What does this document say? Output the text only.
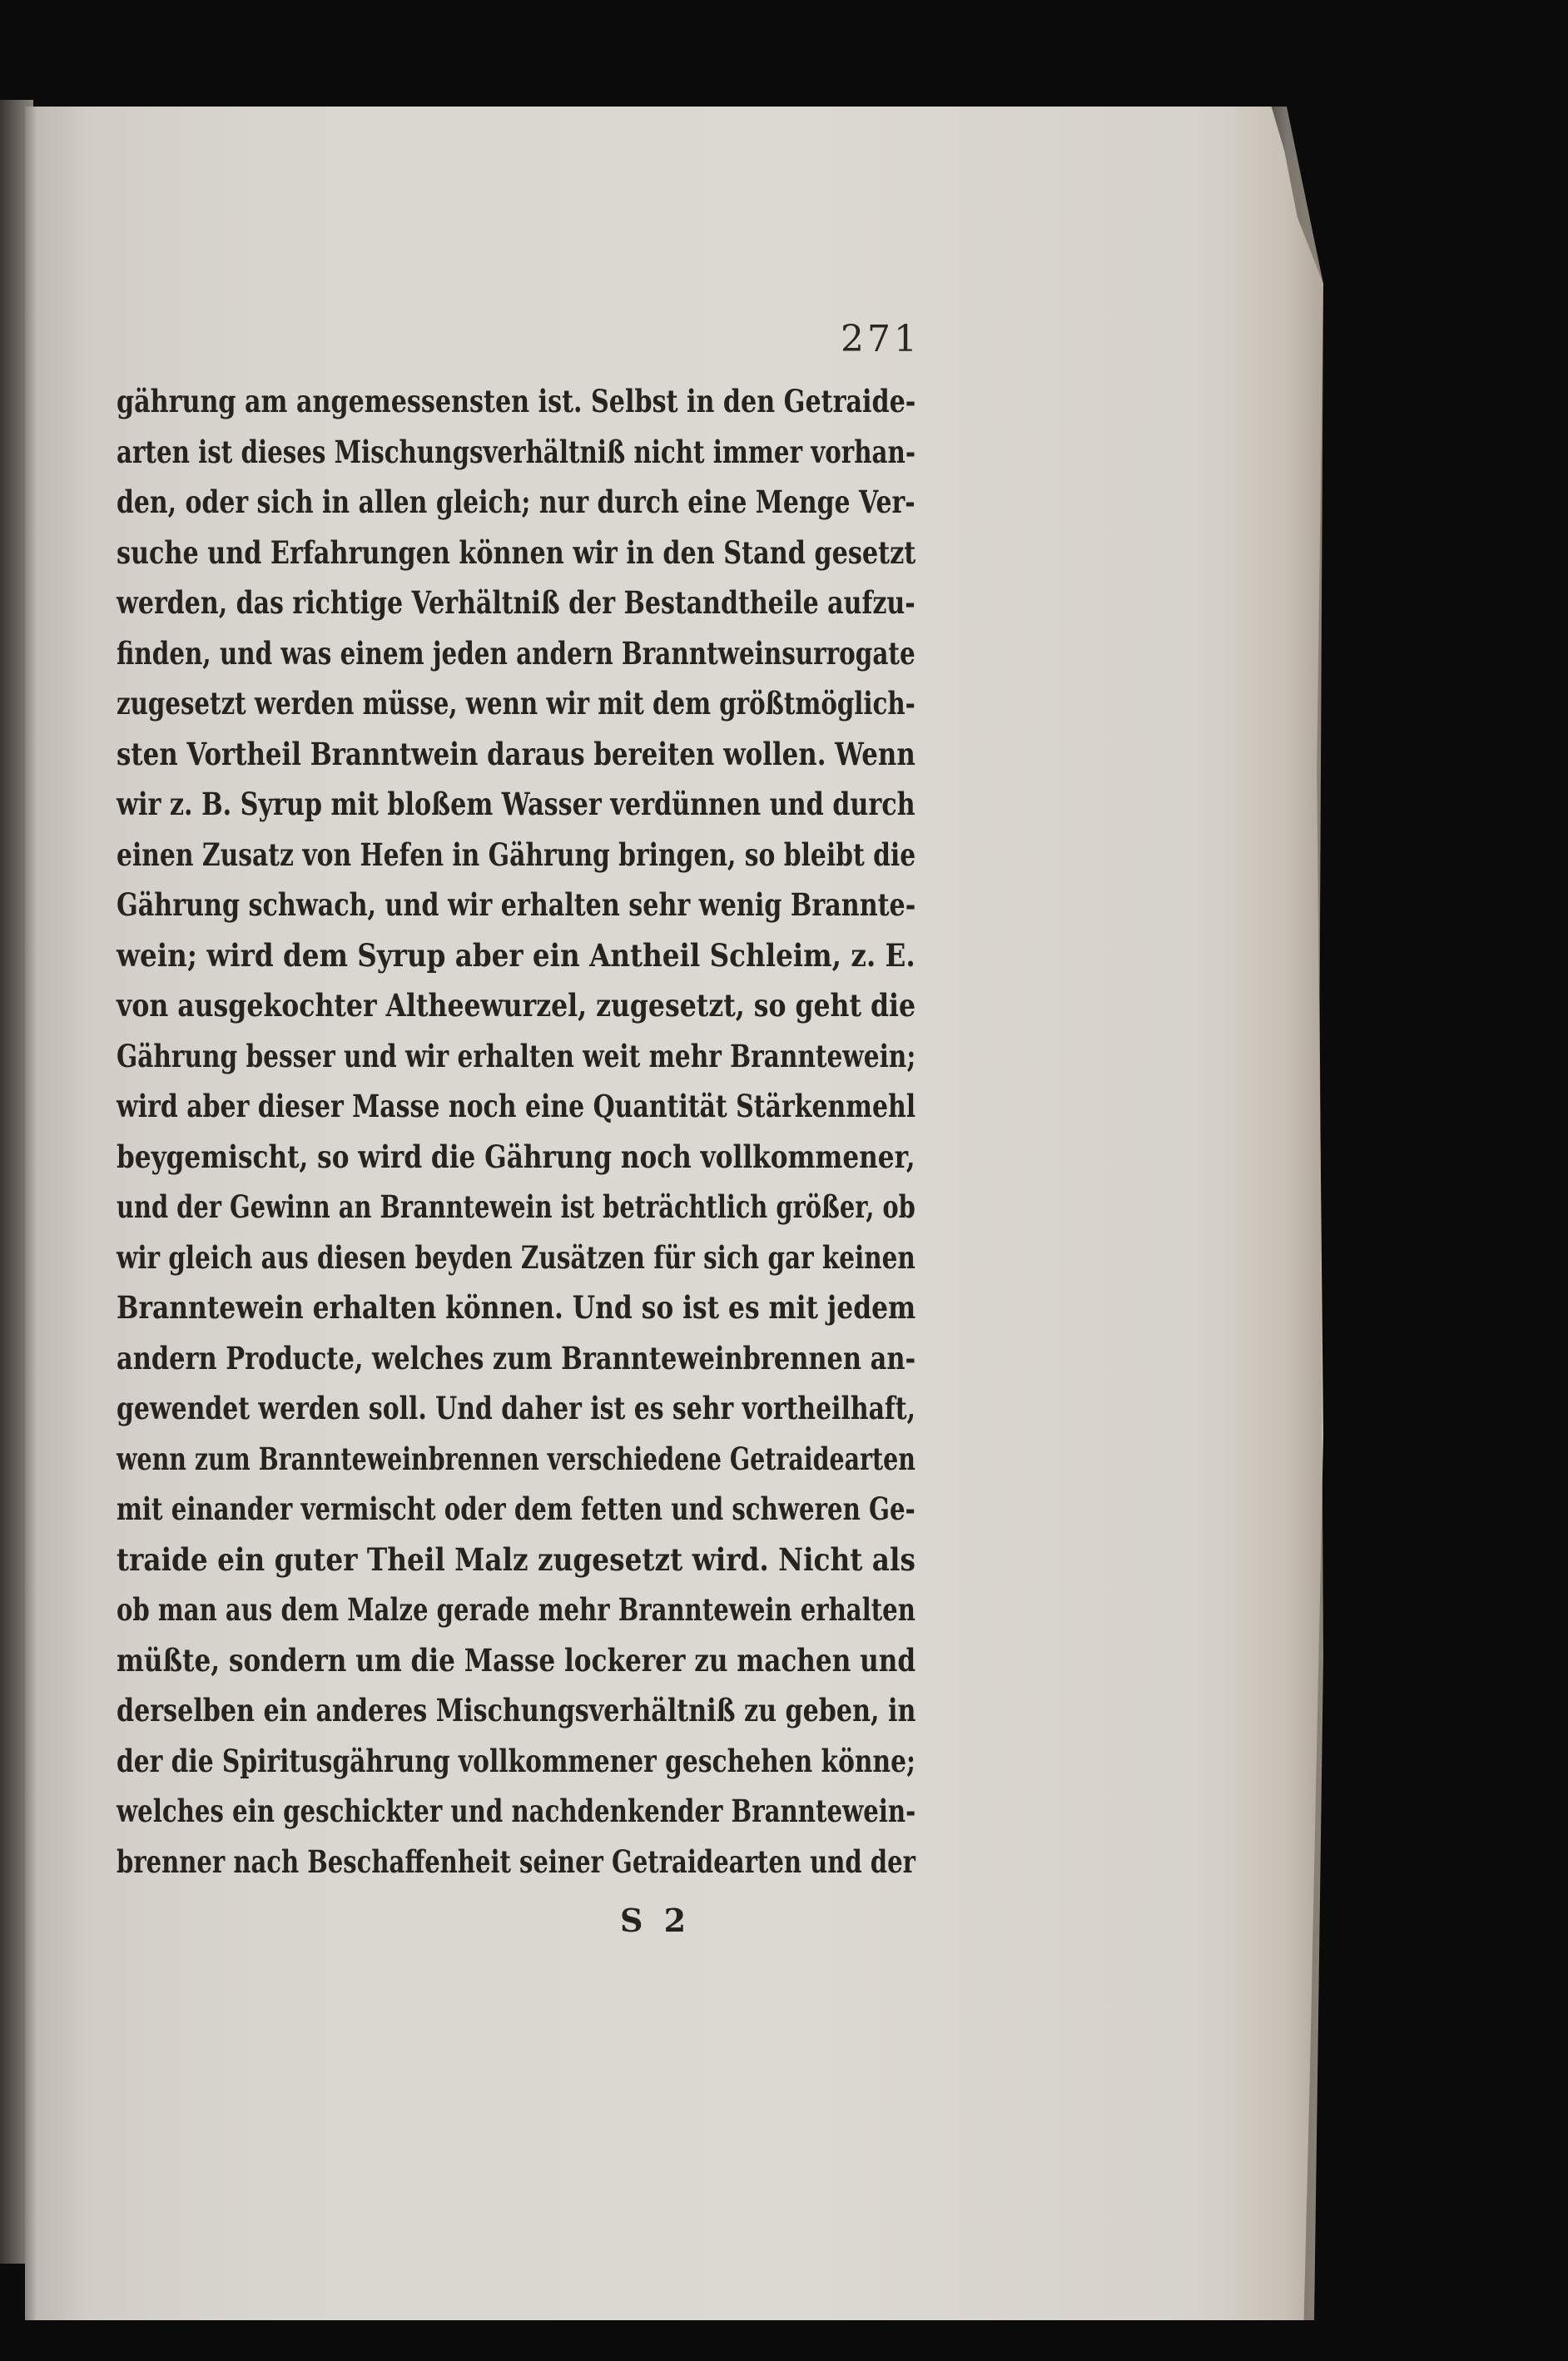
271
gährung am angemessensten ist. Selbst in den Getraide-
arten ist dieses Mischungsverhältniß nicht immer vorhan-
den, oder sich in allen gleich; nur durch eine Menge Ver-
suche und Erfahrungen können wir in den Stand gesetzt
werden, das richtige Verhältniß der Bestandtheile aufzu-
finden, und was einem jeden andern Branntweinsurrogate
zugesetzt werden müsse, wenn wir mit dem größtmöglich-
sten Vortheil Branntwein daraus bereiten wollen. Wenn
wir z. B. Syrup mit bloßem Wasser verdünnen und durch
einen Zusatz von Hefen in Gährung bringen, so bleibt die
Gährung schwach, und wir erhalten sehr wenig Brannte-
wein; wird dem Syrup aber ein Antheil Schleim, z. E.
von ausgekochter Altheewurzel, zugesetzt, so geht die
Gährung besser und wir erhalten weit mehr Branntewein;
wird aber dieser Masse noch eine Quantität Stärkenmehl
beygemischt, so wird die Gährung noch vollkommener,
und der Gewinn an Branntewein ist beträchtlich größer, ob
wir gleich aus diesen beyden Zusätzen für sich gar keinen
Branntewein erhalten können. Und so ist es mit jedem
andern Producte, welches zum Brannteweinbrennen an-
gewendet werden soll. Und daher ist es sehr vortheilhaft,
wenn zum Brannteweinbrennen verschiedene Getraidearten
mit einander vermischt oder dem fetten und schweren Ge-
traide ein guter Theil Malz zugesetzt wird. Nicht als
ob man aus dem Malze gerade mehr Branntewein erhalten
müßte, sondern um die Masse lockerer zu machen und
derselben ein anderes Mischungsverhältniß zu geben, in
der die Spiritusgährung vollkommener geschehen könne;
welches ein geschickter und nachdenkender Branntewein-
brenner nach Beschaffenheit seiner Getraidearten und der
S 2
